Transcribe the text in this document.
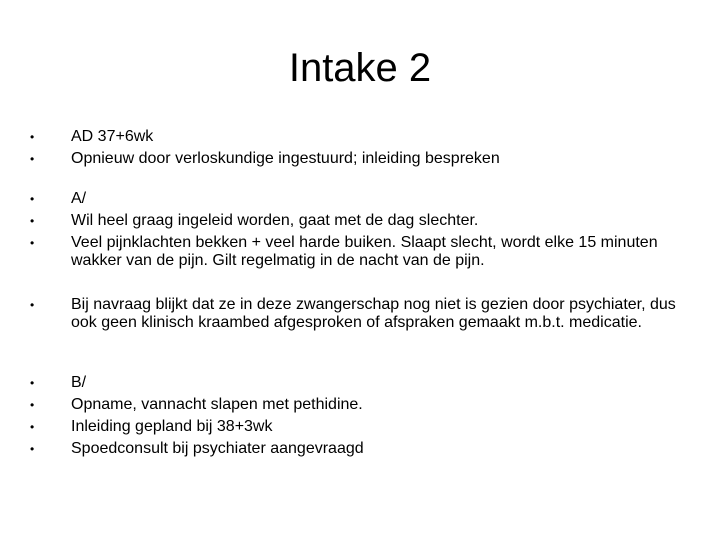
Intake 2
•	AD 37+6wk
•	Opnieuw door verloskundige ingestuurd; inleiding bespreken
•	A/
•	Wil heel graag ingeleid worden, gaat met de dag slechter.
•	Veel pijnklachten bekken + veel harde buiken. Slaapt slecht, wordt elke 15 minuten wakker van de pijn. Gilt regelmatig in de nacht van de pijn.
•	Bij navraag blijkt dat ze in deze zwangerschap nog niet is gezien door psychiater, dus ook geen klinisch kraambed afgesproken of afspraken gemaakt m.b.t. medicatie.
•	B/
•	Opname, vannacht slapen met pethidine.
•	Inleiding gepland bij 38+3wk
•	Spoedconsult bij psychiater aangevraagd
